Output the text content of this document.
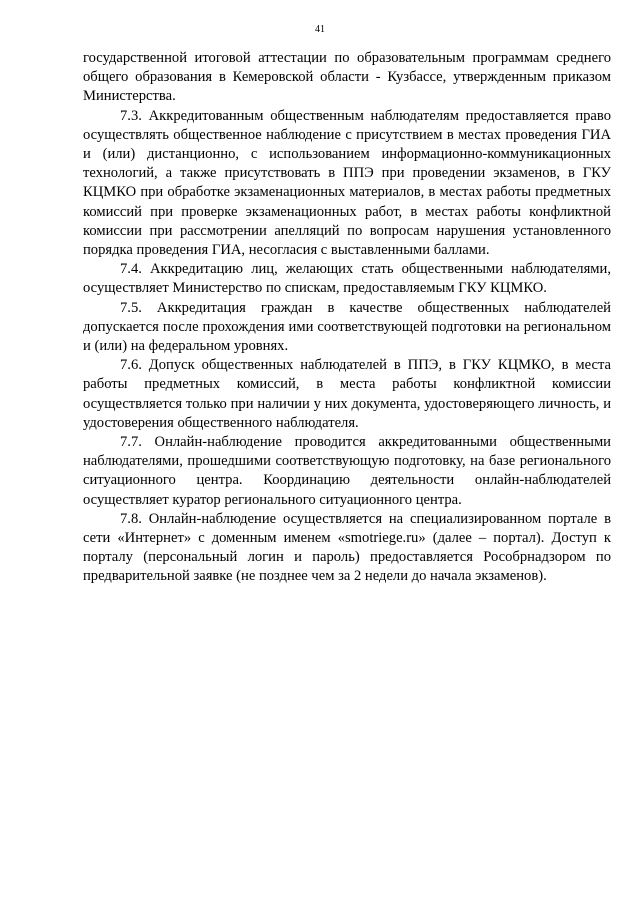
41

государственной итоговой аттестации по образовательным программам среднего общего образования в Кемеровской области - Кузбассе, утвержденным приказом Министерства.

7.3. Аккредитованным общественным наблюдателям предоставляется право осуществлять общественное наблюдение с присутствием в местах проведения ГИА и (или) дистанционно, с использованием информационно-коммуникационных технологий, а также присутствовать в ППЭ при проведении экзаменов, в ГКУ КЦМКО при обработке экзаменационных материалов, в местах работы предметных комиссий при проверке экзаменационных работ, в местах работы конфликтной комиссии при рассмотрении апелляций по вопросам нарушения установленного порядка проведения ГИА, несогласия с выставленными баллами.

7.4. Аккредитацию лиц, желающих стать общественными наблюдателями, осуществляет Министерство по спискам, предоставляемым ГКУ КЦМКО.

7.5. Аккредитация граждан в качестве общественных наблюдателей допускается после прохождения ими соответствующей подготовки на региональном и (или) на федеральном уровнях.

7.6. Допуск общественных наблюдателей в ППЭ, в ГКУ КЦМКО, в места работы предметных комиссий, в места работы конфликтной комиссии осуществляется только при наличии у них документа, удостоверяющего личность, и удостоверения общественного наблюдателя.

7.7. Онлайн-наблюдение проводится аккредитованными общественными наблюдателями, прошедшими соответствующую подготовку, на базе регионального ситуационного центра. Координацию деятельности онлайн-наблюдателей осуществляет куратор регионального ситуационного центра.

7.8. Онлайн-наблюдение осуществляется на специализированном портале в сети «Интернет» с доменным именем «smotriege.ru» (далее – портал). Доступ к порталу (персональный логин и пароль) предоставляется Рособрнадзором по предварительной заявке (не позднее чем за 2 недели до начала экзаменов).
